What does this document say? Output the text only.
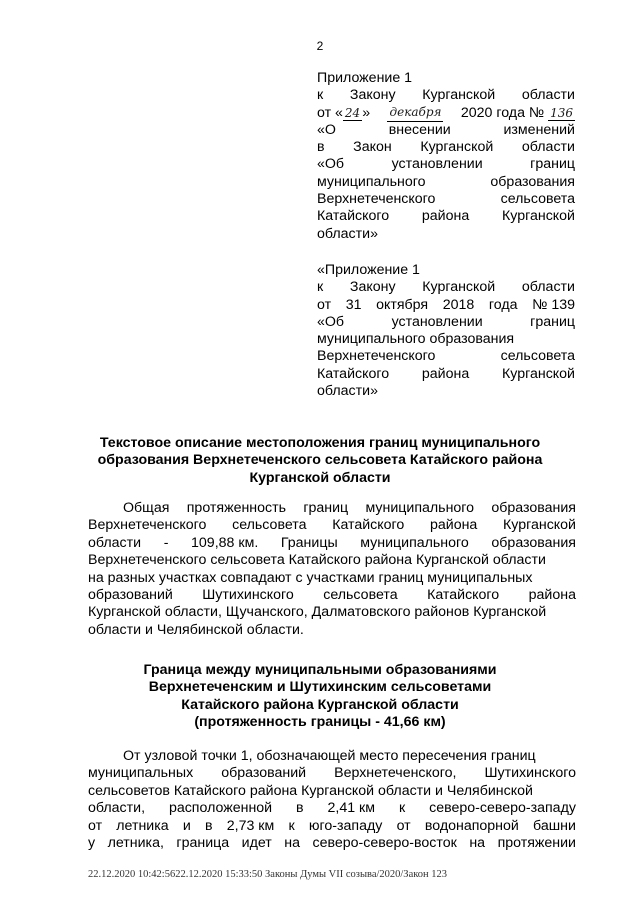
2
Приложение 1
к Закону Курганской области
от « 24 » декабря 2020 года № 136
«О	внесении	изменений
в Закон Курганской области
«Об	установлении	границ
муниципального	образования
Верхнетеченского	сельсовета
Катайского района Курганской
области»
«Приложение 1
к Закону Курганской области
от 31 октября 2018 года № 139
«Об	установлении	границ
муниципального образования
Верхнетеченского	сельсовета
Катайского района Курганской
области»
Текстовое описание местоположения границ муниципального
образования Верхнетеченского сельсовета Катайского района
Курганской области
Общая протяженность границ муниципального образования
Верхнетеченского сельсовета Катайского района Курганской
области - 109,88 км. Границы муниципального образования
Верхнетеченского сельсовета Катайского района Курганской области
на разных участках совпадают с участками границ муниципальных
образований Шутихинского сельсовета Катайского района
Курганской области, Щучанского, Далматовского районов Курганской
области и Челябинской области.
Граница между муниципальными образованиями
Верхнетеченским и Шутихинским сельсоветами
Катайского района Курганской области
(протяженность границы - 41,66 км)
От узловой точки 1, обозначающей место пересечения границ
муниципальных образований Верхнетеченского, Шутихинского
сельсоветов Катайского района Курганской области и Челябинской
области, расположенной в 2,41 км к северо-северо-западу
от летника и в 2,73 км к юго-западу от водонапорной башни
у летника, граница идет на северо-северо-восток на протяжении
22.12.2020 10:42:5622.12.2020 15:33:50 Законы Думы VII созыва/2020/Закон 123
